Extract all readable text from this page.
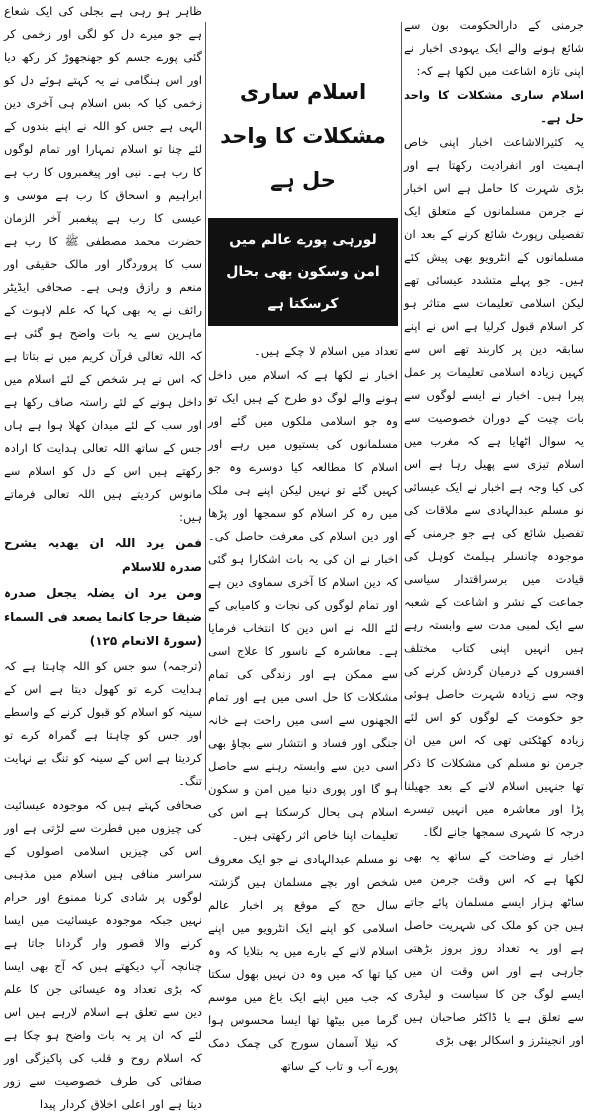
جرمنی کے دارالحکومت بون سے شائع ہونے والے ایک یہودی اخبار نے اپنی تازہ اشاعت میں لکھا ہے کہ:

اسلام ساری مشکلات کا واحد حل ہے۔

یہ کثیرالاشاعت اخبار اپنی خاص اہمیت اور انفرادیت رکھتا ہے اور بڑی شہرت کا حامل ہے اس اخبار نے جرمن مسلمانوں کے متعلق ایک تفصیلی رپورٹ شائع کرنے کے بعد ان مسلمانوں کے انٹرویو بھی پیش کئے ہیں۔ جو پہلے متشدد عیسائی تھے لیکن اسلامی تعلیمات سے متاثر ہو کر اسلام قبول کرلیا ہے اس نے اپنے سابقہ دین پر کاربند تھے اس سے کہیں زیادہ اسلامی تعلیمات پر عمل پیرا ہیں۔ اخبار نے ایسے لوگوں سے بات چیت کے دوران خصوصیت سے یہ سوال اٹھایا ہے کہ مغرب میں اسلام تیزی سے پھیل رہا ہے اس کی کیا وجہ ہے اخبار نے ایک عیسائی نو مسلم عبدالہادی سے ملاقات کی تفصیل شائع کی ہے جو جرمنی کے موجودہ چانسلر ہیلمٹ کوہل کی قیادت میں برسراقتدار سیاسی جماعت کے نشر و اشاعت کے شعبہ سے ایک لمبی مدت سے وابستہ رہے ہیں انہیں اپنی کتاب مختلف افسروں کے درمیان گردش کرنے کی وجہ سے زیادہ شہرت حاصل ہوئی جو حکومت کے لوگوں کو اس لئے زیادہ کھٹکتی تھی کہ اس میں ان جرمن نو مسلم کی مشکلات کا ذکر تھا جنہیں اسلام لانے کے بعد جھیلنا پڑا اور معاشرہ میں انہیں تیسرے درجہ کا شہری سمجھا جانے لگا۔

اخبار نے وضاحت کے ساتھ یہ بھی لکھا ہے کہ اس وقت جرمن میں ساٹھ ہزار ایسے مسلمان پائے جاتے ہیں جن کو ملک کی شہریت حاصل ہے اور یہ تعداد روز بروز بڑھتی جارہی ہے اور اس وقت ان میں ایسے لوگ جن کا سیاست و لیڈری سے تعلق ہے یا ڈاکٹر صاحبان ہیں اور انجینئرز و اسکالر بھی بڑی

اسلام ساری مشکلات کا واحد حل ہے
لورہی پورے عالم میں امن وسکون بھی بحال کرسکتا ہے

تعداد میں اسلام لا چکے ہیں۔

اخبار نے لکھا ہے کہ اسلام میں داخل ہونے والے لوگ دو طرح کے ہیں ایک تو وہ جو اسلامی ملکوں میں گئے اور مسلمانوں کی بستیوں میں رہے اور اسلام کا مطالعہ کیا دوسرے وہ جو کہیں گئے تو نہیں لیکن اپنے ہی ملک میں رہ کر اسلام کو سمجھا اور پڑھا اور دین اسلام کی معرفت حاصل کی۔ اخبار نے ان کی یہ بات اشکارا ہو گئی کہ دین اسلام کا آخری سماوی دین ہے اور تمام لوگوں کی نجات و کامیابی کے لئے اللہ نے اس دین کا انتخاب فرمایا ہے۔ معاشرہ کے ناسور کا علاج اسی سے ممکن ہے اور زندگی کی تمام مشکلات کا حل اسی میں ہے اور تمام الجھنوں سے اسی میں راحت ہے خانہ جنگی اور فساد و انتشار سے بچاؤ بھی اسی دین سے وابستہ رہنے سے حاصل ہو گا اور پوری دنیا میں امن و سکون اسلام ہی بحال کرسکتا ہے اس کی تعلیمات اپنا خاص اثر رکھتی ہیں۔

نو مسلم عبدالہادی نے جو ایک معروف شخص اور بچے مسلمان ہیں گزشتہ سال حج کے موقع پر اخبار عالم اسلامی کو اپنے ایک انٹرویو میں اپنے اسلام لانے کے بارے میں یہ بتلایا کہ وہ کیا تھا کہ میں وہ دن نہیں بھول سکتا کہ جب میں اپنے ایک باغ میں موسم گرما میں بیٹھا تھا ایسا محسوس ہوا کہ نیلا آسمان سورج کی چمک دمک پورے آب و تاب کے ساتھ

ظاہر ہو رہی ہے بجلی کی ایک شعاع ہے جو میرے دل کو لگی اور زخمی کر گئی پورے جسم کو جھنجھوڑ کر رکھ دیا اور اس ہنگامی نے یہ کہتے ہوئے دل کو زخمی کیا کہ بس اسلام ہی آخری دین الہی ہے جس کو اللہ نے اپنے بندوں کے لئے چنا تو اسلام تمہارا اور تمام لوگوں کا رب ہے۔ نبی اور پیغمبروں کا رب ہے ابراہیم و اسحاق کا رب ہے موسی و عیسی کا رب ہے پیغمبر آخر الزمان حضرت محمد مصطفی ﷺ کا رب ہے سب کا پروردگار اور مالک حقیقی اور منعم و رازق وہی ہے۔ صحافی ایڈیٹر رائف نے یہ بھی کہا کہ علم لاہوت کے ماہرین سے یہ بات واضح ہو گئی ہے کہ اللہ تعالی قرآن کریم میں نے بتاتا ہے کہ اس نے ہر شخص کے لئے اسلام میں داخل ہونے کے لئے راستہ صاف رکھا ہے اور سب کے لئے میدان کھلا ہوا ہے ہاں جس کے ساتھ اللہ تعالی ہدایت کا ارادہ رکھتے ہیں اس کے دل کو اسلام سے مانوس کردیتے ہیں اللہ تعالی فرماتے ہیں:

فمن یرد اللہ ان یھدیہ یشرح صدرہ للاسلام

ومن یرد ان یضلہ یجعل صدرہ ضیقا حرجا کانما یصعد فی السماء (سورۃ الانعام ۱۲۵)

(ترجمہ) سو جس کو اللہ چاہتا ہے کہ ہدایت کرے تو کھول دیتا ہے اس کے سینہ کو اسلام کو قبول کرنے کے واسطے اور جس کو چاہتا ہے گمراہ کرے تو کردیتا ہے اس کے سینہ کو تنگ بے نہایت تنگ۔

صحافی کہتے ہیں کہ موجودہ عیسائیت کی چیزوں میں فطرت سے لڑتی ہے اور اس کی چیزیں اسلامی اصولوں کے سراسر منافی ہیں اسلام میں مذہبی لوگوں پر شادی کرنا ممنوع اور حرام نہیں جبکہ موجودہ عیسائیت میں ایسا کرنے والا قصور وار گردانا جاتا ہے چنانچہ آپ دیکھتے ہیں کہ آج بھی ایسا کہ بڑی تعداد وہ عیسائی جن کا علم دین سے تعلق ہے اسلام لارہے ہیں اس لئے کہ ان پر یہ بات واضح ہو چکا ہے کہ اسلام روح و قلب کی پاکیزگی اور صفائی کی طرف خصوصیت سے زور دیتا ہے اور اعلی اخلاق کردار پیدا
